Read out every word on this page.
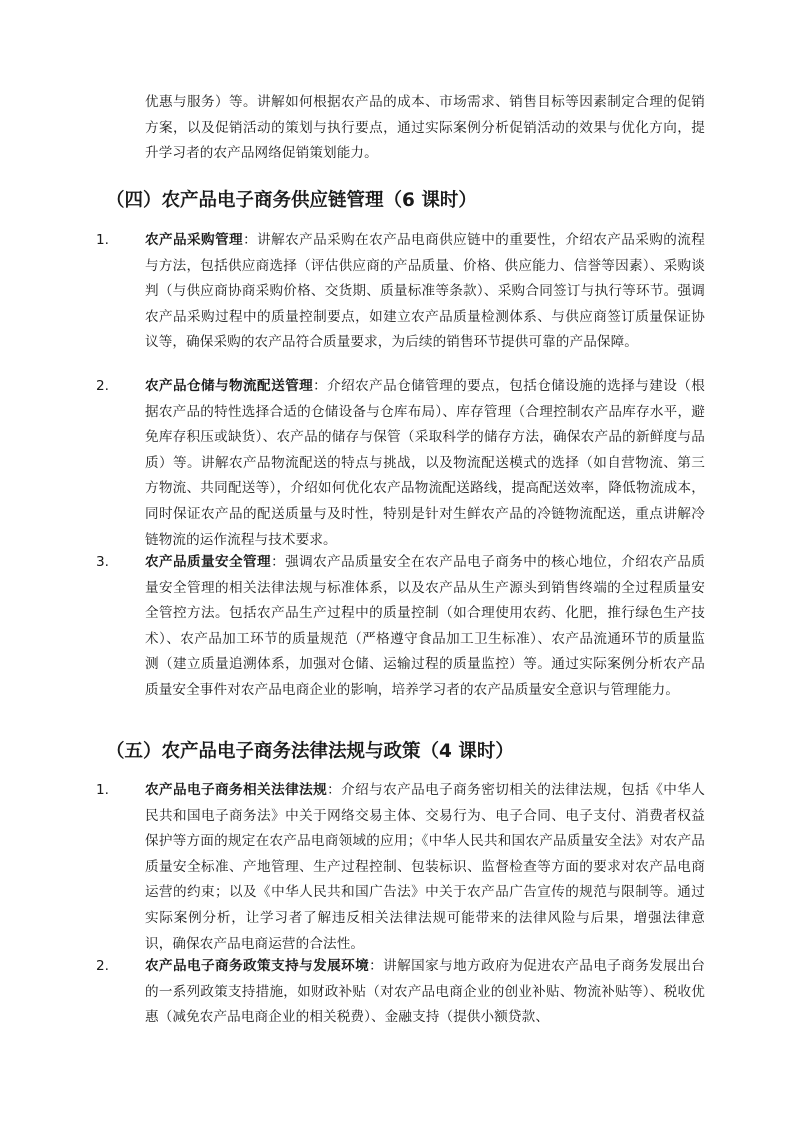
优惠与服务）等。讲解如何根据农产品的成本、市场需求、销售目标等因素制定合理的促销方案，以及促销活动的策划与执行要点，通过实际案例分析促销活动的效果与优化方向，提升学习者的农产品网络促销策划能力。

（四）农产品电子商务供应链管理（6 课时）
1.	农产品采购管理：讲解农产品采购在农产品电商供应链中的重要性，介绍农产品采购的流程与方法，包括供应商选择（评估供应商的产品质量、价格、供应能力、信誉等因素）、采购谈判（与供应商协商采购价格、交货期、质量标准等条款）、采购合同签订与执行等环节。强调农产品采购过程中的质量控制要点，如建立农产品质量检测体系、与供应商签订质量保证协议等，确保采购的农产品符合质量要求，为后续的销售环节提供可靠的产品保障。
2.	农产品仓储与物流配送管理：介绍农产品仓储管理的要点，包括仓储设施的选择与建设（根据农产品的特性选择合适的仓储设备与仓库布局）、库存管理（合理控制农产品库存水平，避免库存积压或缺货）、农产品的储存与保管（采取科学的储存方法，确保农产品的新鲜度与品质）等。讲解农产品物流配送的特点与挑战，以及物流配送模式的选择（如自营物流、第三方物流、共同配送等），介绍如何优化农产品物流配送路线，提高配送效率，降低物流成本，同时保证农产品的配送质量与及时性，特别是针对生鲜农产品的冷链物流配送，重点讲解冷链物流的运作流程与技术要求。
3.	农产品质量安全管理：强调农产品质量安全在农产品电子商务中的核心地位，介绍农产品质量安全管理的相关法律法规与标准体系，以及农产品从生产源头到销售终端的全过程质量安全管控方法。包括农产品生产过程中的质量控制（如合理使用农药、化肥，推行绿色生产技术）、农产品加工环节的质量规范（严格遵守食品加工卫生标准）、农产品流通环节的质量监测（建立质量追溯体系，加强对仓储、运输过程的质量监控）等。通过实际案例分析农产品质量安全事件对农产品电商企业的影响，培养学习者的农产品质量安全意识与管理能力。
（五）农产品电子商务法律法规与政策（4 课时）
1.	农产品电子商务相关法律法规：介绍与农产品电子商务密切相关的法律法规，包括《中华人民共和国电子商务法》中关于网络交易主体、交易行为、电子合同、电子支付、消费者权益保护等方面的规定在农产品电商领域的应用；《中华人民共和国农产品质量安全法》对农产品质量安全标准、产地管理、生产过程控制、包装标识、监督检查等方面的要求对农产品电商运营的约束；以及《中华人民共和国广告法》中关于农产品广告宣传的规范与限制等。通过实际案例分析，让学习者了解违反相关法律法规可能带来的法律风险与后果，增强法律意识，确保农产品电商运营的合法性。
2.	农产品电子商务政策支持与发展环境：讲解国家与地方政府为促进农产品电子商务发展出台的一系列政策支持措施，如财政补贴（对农产品电商企业的创业补贴、物流补贴等）、税收优惠（减免农产品电商企业的相关税费）、金融支持（提供小额贷款、
